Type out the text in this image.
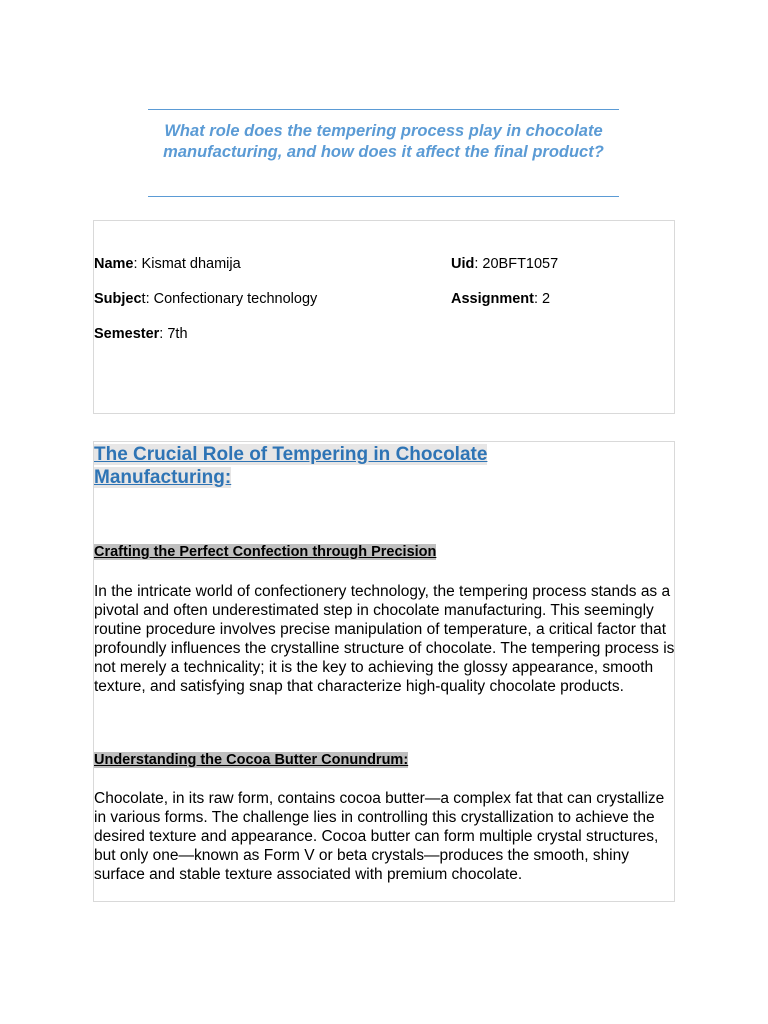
What role does the tempering process play in chocolate manufacturing, and how does it affect the final product?

Name: Kismat dhamija	Uid: 20BFT1057
Subject: Confectionary technology	Assignment: 2
Semester: 7th
The Crucial Role of Tempering in Chocolate
Manufacturing:
Crafting the Perfect Confection through Precision

In the intricate world of confectionery technology, the tempering process stands as a pivotal and often underestimated step in chocolate manufacturing. This seemingly routine procedure involves precise manipulation of temperature, a critical factor that profoundly influences the crystalline structure of chocolate. The tempering process is not merely a technicality; it is the key to achieving the glossy appearance, smooth texture, and satisfying snap that characterize high-quality chocolate products.

Understanding the Cocoa Butter Conundrum:

Chocolate, in its raw form, contains cocoa butter—a complex fat that can crystallize in various forms. The challenge lies in controlling this crystallization to achieve the desired texture and appearance. Cocoa butter can form multiple crystal structures, but only one—known as Form V or beta crystals—produces the smooth, shiny surface and stable texture associated with premium chocolate.
